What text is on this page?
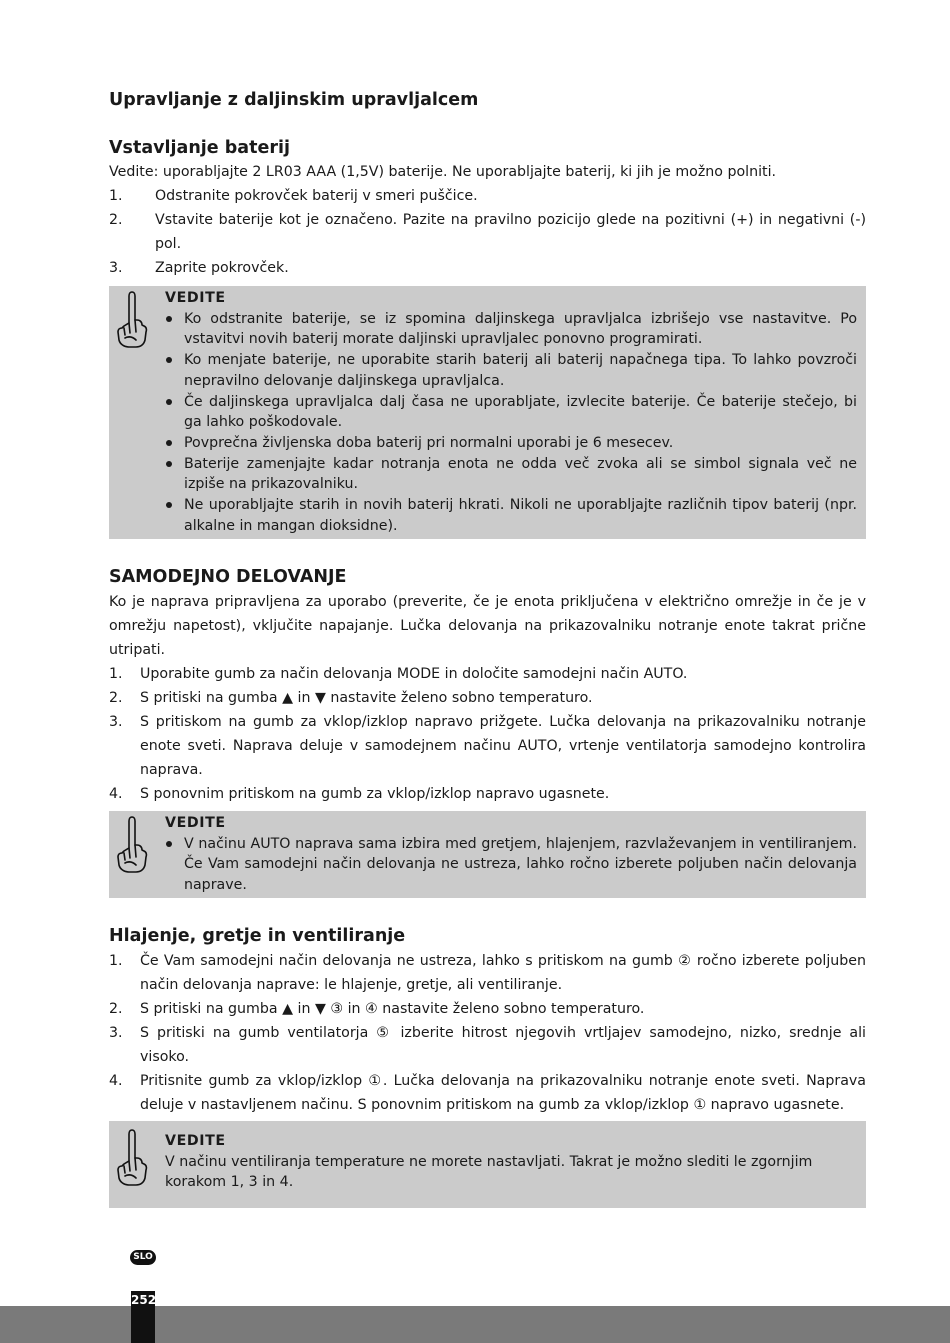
Upravljanje z daljinskim upravljalcem
Vstavljanje baterij

Vedite: uporabljajte 2 LR03 AAA (1,5V) baterije. Ne uporabljajte baterij, ki jih je možno polniti.

1. Odstranite pokrovček baterij v smeri puščice.
2. Vstavite baterije kot je označeno. Pazite na pravilno pozicijo glede na pozitivni (+) in negativni (-) pol.
3. Zaprite pokrovček.
VEDITE
Ko odstranite baterije, se iz spomina daljinskega upravljalca izbrišejo vse nastavitve. Po vstavitvi novih baterij morate daljinski upravljalec ponovno programirati.
Ko menjate baterije, ne uporabite starih baterij ali baterij napačnega tipa. To lahko povzroči nepravilno delovanje daljinskega upravljalca.
Če daljinskega upravljalca dalj časa ne uporabljate, izvlecite baterije. Če baterije stečejo, bi ga lahko poškodovale.
Povprečna življenska doba baterij pri normalni uporabi je 6 mesecev.
Baterije zamenjajte kadar notranja enota ne odda več zvoka ali se simbol signala več ne izpiše na prikazovalniku.
Ne uporabljajte starih in novih baterij hkrati. Nikoli ne uporabljajte različnih tipov baterij (npr. alkalne in mangan dioksidne).
SAMODEJNO DELOVANJE

Ko je naprava pripravljena za uporabo (preverite, če je enota priključena v električno omrežje in če je v omrežju napetost), vključite napajanje. Lučka delovanja na prikazovalniku notranje enote takrat prične utripati.

1. Uporabite gumb za način delovanja MODE in določite samodejni način AUTO.
2. S pritiski na gumba ▲ in ▼ nastavite želeno sobno temperaturo.
3. S pritiskom na gumb za vklop/izklop napravo prižgete. Lučka delovanja na prikazovalniku notranje enote sveti. Naprava deluje v samodejnem načinu AUTO, vrtenje ventilatorja samodejno kontrolira naprava.
4. S ponovnim pritiskom na gumb za vklop/izklop napravo ugasnete.
VEDITE
V načinu AUTO naprava sama izbira med gretjem, hlajenjem, razvlaževanjem in ventiliranjem. Če Vam samodejni način delovanja ne ustreza, lahko ročno izberete poljuben način delovanja naprave.
Hlajenje, gretje in ventiliranje
1. Če Vam samodejni način delovanja ne ustreza, lahko s pritiskom na gumb ② ročno izberete poljuben način delovanja naprave: le hlajenje, gretje, ali ventiliranje.
2. S pritiski na gumba ▲ in ▼ ③ in ④ nastavite želeno sobno temperaturo.
3. S pritiski na gumb ventilatorja ⑤ izberite hitrost njegovih vrtljajev samodejno, nizko, srednje ali visoko.
4. Pritisnite gumb za vklop/izklop ①. Lučka delovanja na prikazovalniku notranje enote sveti. Naprava deluje v nastavljenem načinu. S ponovnim pritiskom na gumb za vklop/izklop ① napravo ugasnete.
VEDITE

V načinu ventiliranja temperature ne morete nastavljati. Takrat je možno slediti le zgornjim korakom 1, 3 in 4.

SLO
252
